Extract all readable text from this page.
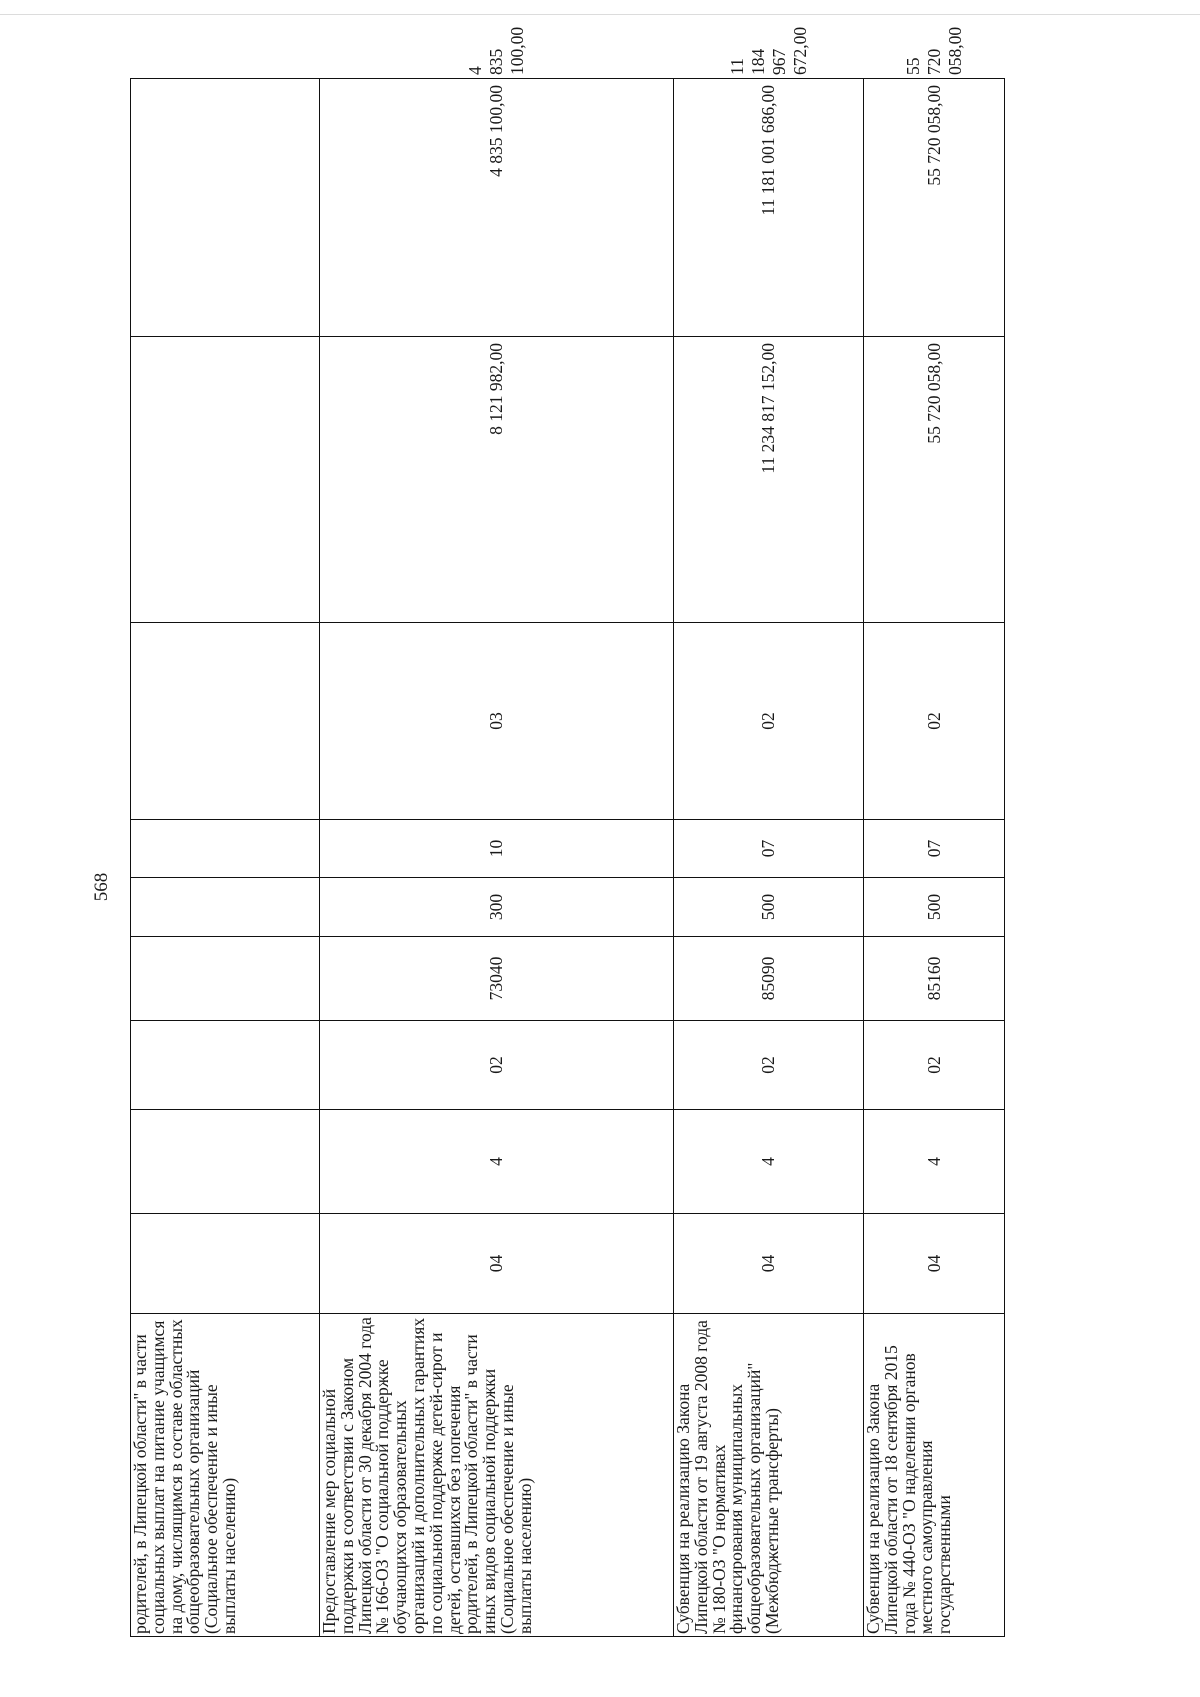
568
родителей, в Липецкой области" в части социальных выплат на питание учащимся на дому, числящимся в составе областных общеобразовательных организаций (Социальное обеспечение и иные выплаты населению)										
Предоставление мер социальной поддержки в соответствии с Законом Липецкой области от 30 декабря 2004 года № 166-ОЗ "О социальной поддержке обучающихся образовательных организаций и дополнительных гарантиях по социальной поддержке детей-сирот и детей, оставшихся без попечения родителей, в Липецкой области" в части иных видов социальной поддержки (Социальное обеспечение и иные выплаты населению)	04	4	02	73040	300	10	03	8 121 982,00	4 835 100,00	4 835 100,00
Субвенция на реализацию Закона Липецкой области от 19 августа 2008 года № 180-ОЗ "О нормативах финансирования муниципальных общеобразовательных организаций" (Межбюджетные трансферты)	04	4	02	85090	500	07	02	11 234 817 152,00	11 181 001 686,00	11 184 967 672,00
Субвенция на реализацию Закона Липецкой области от 18 сентября 2015 года № 440-ОЗ "О наделении органов местного самоуправления государственными	04	4	02	85160	500	07	02	55 720 058,00	55 720 058,00	55 720 058,00
